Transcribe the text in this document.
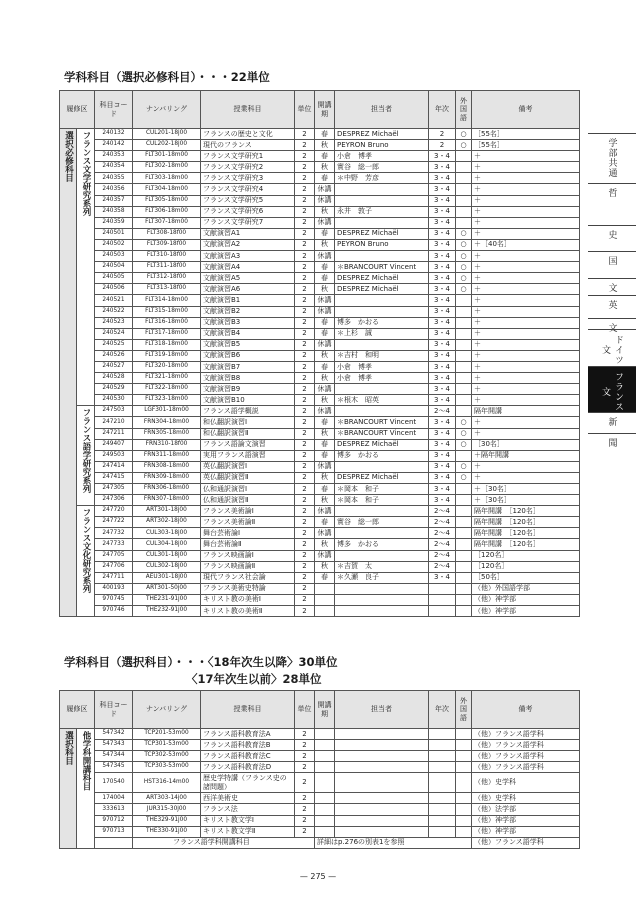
学科科目（選択必修科目）・・・22単位
履修区		科目コード	ナンバリング	授業科目	単位	開講期	担当者	年次	外国語	備考
選択必修科目	フランス文学研究系列	240132	CUL201-18j00	フランスの歴史と文化	2	春	DESPREZ Michaël	2	○	［55名］
		240142	CUL202-18j00	現代のフランス	2	秋	PEYRON Bruno	2	○	［55名］
		240353	FLT301-18m00	フランス文学研究1	2	春	小倉　博孝	3・4		＋
		240354	FLT302-18m00	フランス文学研究2	2	秋	實谷　総一郎	3・4		＋
		240355	FLT303-18m00	フランス文学研究3	2	春	＊中野　芳彦	3・4		＋
		240356	FLT304-18m00	フランス文学研究4	2	休講		3・4		＋
		240357	FLT305-18m00	フランス文学研究5	2	休講		3・4		＋
		240358	FLT306-18m00	フランス文学研究6	2	秋	永井　敦子	3・4		＋
		240359	FLT307-18m00	フランス文学研究7	2	休講		3・4		＋
		240501	FLT308-18f00	文献演習A1	2	春	DESPREZ Michaël	3・4	○	＋
		240502	FLT309-18f00	文献演習A2	2	秋	PEYRON Bruno	3・4	○	＋［40名］
		240503	FLT310-18f00	文献演習A3	2	休講		3・4	○	＋
		240504	FLT311-18f00	文献演習A4	2	春	＊BRANCOURT Vincent	3・4	○	＋
		240505	FLT312-18f00	文献演習A5	2	春	DESPREZ Michaël	3・4	○	＋
		240506	FLT313-18f00	文献演習A6	2	秋	DESPREZ Michaël	3・4	○	＋
		240521	FLT314-18m00	文献演習B1	2	休講		3・4		＋
		240522	FLT315-18m00	文献演習B2	2	休講		3・4		＋
		240523	FLT316-18m00	文献演習B3	2	春	博多　かおる	3・4		＋
		240524	FLT317-18m00	文献演習B4	2	春	＊上杉　誠	3・4		＋
		240525	FLT318-18m00	文献演習B5	2	休講		3・4		＋
		240526	FLT319-18m00	文献演習B6	2	秋	＊吉村　和明	3・4		＋
		240527	FLT320-18m00	文献演習B7	2	春	小倉　博孝	3・4		＋
		240528	FLT321-18m00	文献演習B8	2	秋	小倉　博孝	3・4		＋
		240529	FLT322-18m00	文献演習B9	2	休講		3・4		＋
		240530	FLT323-18m00	文献演習B10	2	秋	＊根木　昭英	3・4		＋
	フランス語学研究系列	247503	LGF301-18m00	フランス語学概説	2	休講		2～4		隔年開講
		247210	FRN304-18m00	和仏翻訳演習Ⅰ	2	春	＊BRANCOURT Vincent	3・4	○	＋
		247211	FRN305-18m00	和仏翻訳演習Ⅱ	2	秋	＊BRANCOURT Vincent	3・4	○	＋
		249407	FRN310-18f00	フランス語論文演習	2	春	DESPREZ Michaël	3・4	○	［30名］
		249503	FRN311-18m00	実用フランス語演習	2	春	博多　かおる	3・4		＋隔年開講
		247414	FRN308-18m00	英仏翻訳演習Ⅰ	2	休講		3・4	○	＋
		247415	FRN309-18m00	英仏翻訳演習Ⅱ	2	秋	DESPREZ Michaël	3・4	○	＋
		247305	FRN306-18m00	仏和通訳演習Ⅰ	2	春	＊岡本　和子	3・4		＋［30名］
		247306	FRN307-18m00	仏和通訳演習Ⅱ	2	秋	＊岡本　和子	3・4		＋［30名］
	フランス文化研究系列	247720	ART301-18j00	フランス美術論Ⅰ	2	休講		2～4		隔年開講　［120名］
		247722	ART302-18j00	フランス美術論Ⅱ	2	春	實谷　総一郎	2～4		隔年開講　［120名］
		247732	CUL303-18j00	舞台芸術論Ⅰ	2	休講		2～4		隔年開講　［120名］
		247733	CUL304-18j00	舞台芸術論Ⅱ	2	秋	博多　かおる	2～4		隔年開講　［120名］
		247705	CUL301-18j00	フランス映画論Ⅰ	2	休講		2～4		［120名］
		247706	CUL302-18j00	フランス映画論Ⅱ	2	秋	＊吉賀　太	2～4		［120名］
		247711	AEU301-18j00	現代フランス社会論	2	春	＊久瀬　良子	3・4		［50名］
		400193	ART301-50j00	フランス美術史特論	2					（他）外国語学部
		970745	THE231-91j00	キリスト教の美術Ⅰ	2					（他）神学部
		970746	THE232-91j00	キリスト教の美術Ⅱ	2					（他）神学部
学科科目（選択科目）・・・〈18年次生以降〉30単位
〈17年次生以前〉28単位
履修区		科目コード	ナンバリング	授業科目	単位	開講期	担当者	年次	外国語	備考
選択科目	他学科開講科目	547342	TCP201-53m00	フランス語科教育法A	2					（他）フランス語学科
		547343	TCP301-53m00	フランス語科教育法B	2					（他）フランス語学科
		547344	TCP302-53m00	フランス語科教育法C	2					（他）フランス語学科
		547345	TCP303-53m00	フランス語科教育法D	2					（他）フランス語学科
		170540	HST316-14m00	歴史学特講（フランス史の諸問題）	2					（他）史学科
		174004	ART303-14j00	西洋美術史	2					（他）史学科
		333613	JUR315-30j00	フランス法	2					（他）法学部
		970712	THE329-91j00	キリスト教文学Ⅰ	2					（他）神学部
		970713	THE330-91j00	キリスト教文学Ⅱ	2					（他）神学部
			フランス語学科開講科目			詳細はp.276の別表1を参照				（他）フランス語学科
学部共通
哲
史
国
文
英
文
ドイツ文
フランス文
新
聞
— 275 —
